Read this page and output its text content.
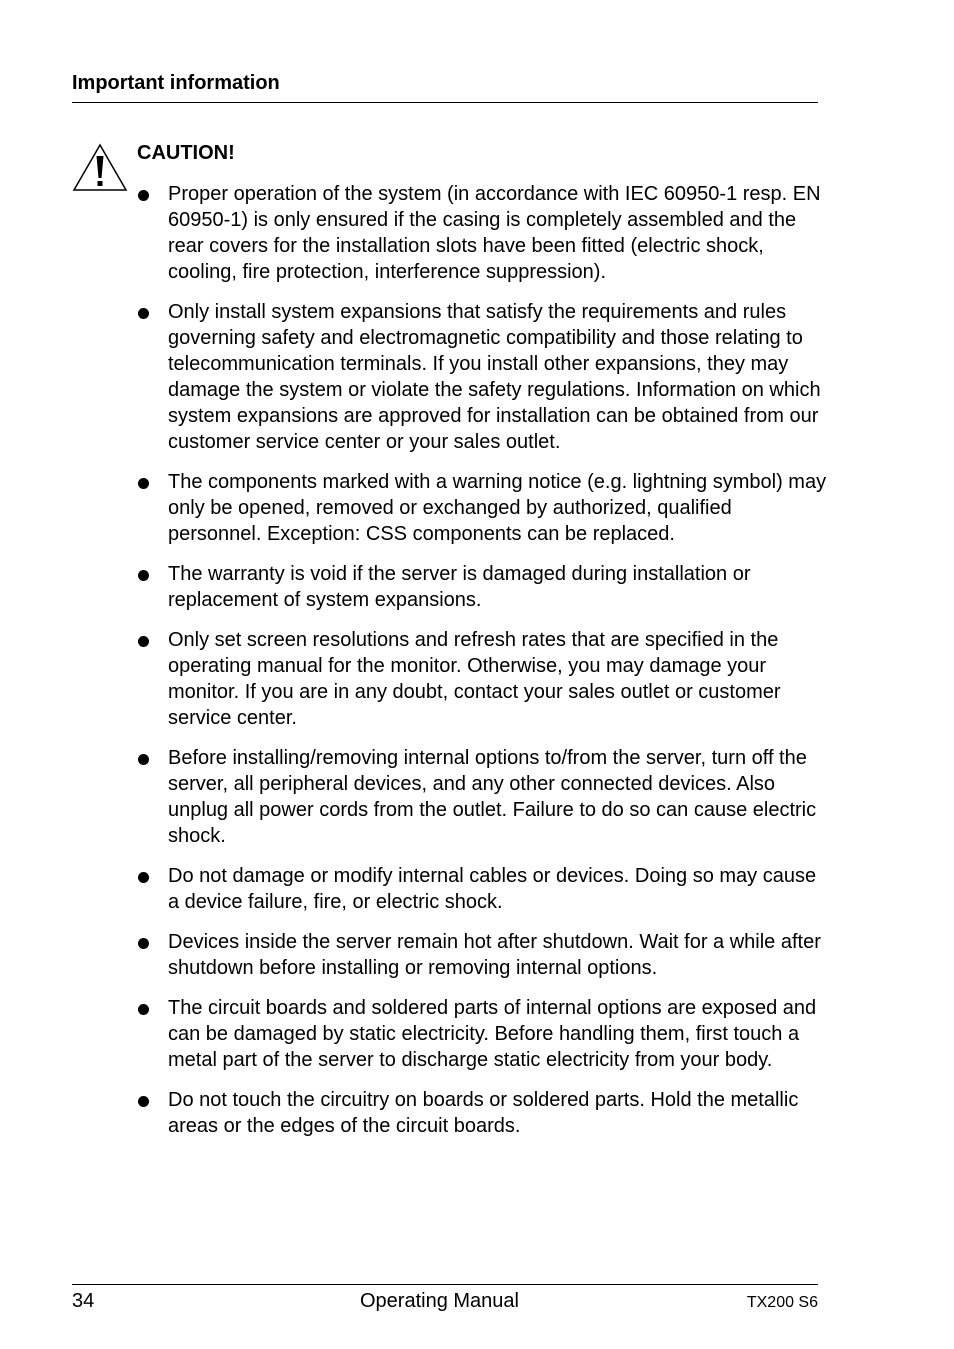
Important information
CAUTION!
Proper operation of the system (in accordance with IEC 60950-1 resp. EN 60950-1) is only ensured if the casing is completely assembled and the rear covers for the installation slots have been fitted (electric shock, cooling, fire protection, interference suppression).
Only install system expansions that satisfy the requirements and rules governing safety and electromagnetic compatibility and those relating to telecommunication terminals. If you install other expansions, they may damage the system or violate the safety regulations. Information on which system expansions are approved for installation can be obtained from our customer service center or your sales outlet.
The components marked with a warning notice (e.g. lightning symbol) may only be opened, removed or exchanged by authorized, qualified personnel. Exception: CSS components can be replaced.
The warranty is void if the server is damaged during installation or replacement of system expansions.
Only set screen resolutions and refresh rates that are specified in the operating manual for the monitor. Otherwise, you may damage your monitor. If you are in any doubt, contact your sales outlet or customer service center.
Before installing/removing internal options to/from the server, turn off the server, all peripheral devices, and any other connected devices. Also unplug all power cords from the outlet. Failure to do so can cause electric shock.
Do not damage or modify internal cables or devices. Doing so may cause a device failure, fire, or electric shock.
Devices inside the server remain hot after shutdown. Wait for a while after shutdown before installing or removing internal options.
The circuit boards and soldered parts of internal options are exposed and can be damaged by static electricity. Before handling them, first touch a metal part of the server to discharge static electricity from your body.
Do not touch the circuitry on boards or soldered parts. Hold the metallic areas or the edges of the circuit boards.
34	Operating Manual	TX200 S6
